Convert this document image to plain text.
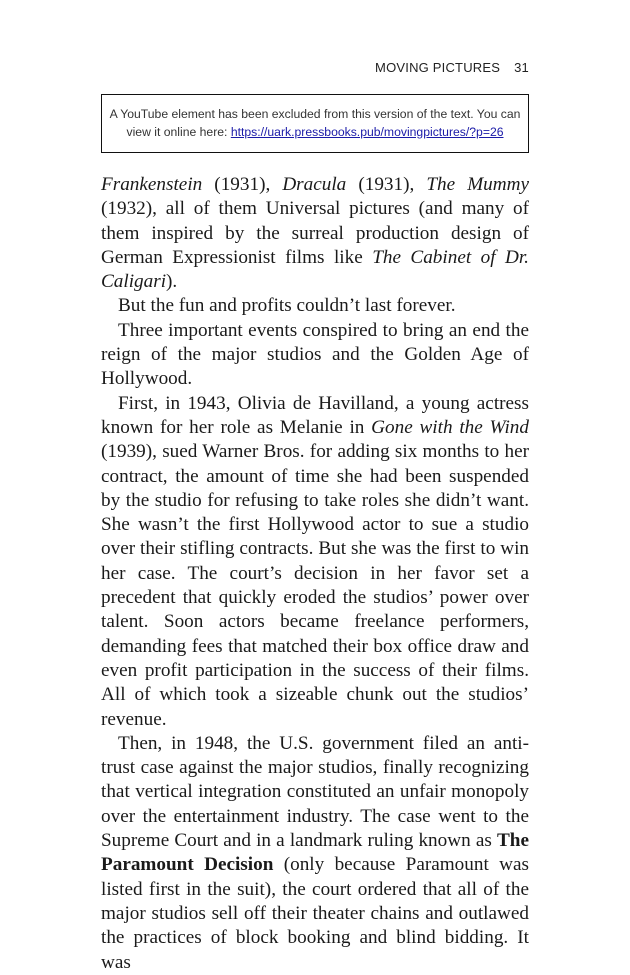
MOVING PICTURES 31
A YouTube element has been excluded from this version of the text. You can
view it online here: https://uark.pressbooks.pub/movingpictures/?p=26

Frankenstein (1931), Dracula (1931), The Mummy (1932), all of them Universal pictures (and many of them inspired by the surreal production design of German Expressionist films like The Cabinet of Dr. Caligari).

But the fun and profits couldn’t last forever.

Three important events conspired to bring an end the reign of the major studios and the Golden Age of Hollywood.

First, in 1943, Olivia de Havilland, a young actress known for her role as Melanie in Gone with the Wind (1939), sued Warner Bros. for adding six months to her contract, the amount of time she had been suspended by the studio for refusing to take roles she didn’t want. She wasn’t the first Hollywood actor to sue a studio over their stifling contracts. But she was the first to win her case. The court’s decision in her favor set a precedent that quickly eroded the studios’ power over talent. Soon actors became freelance performers, demanding fees that matched their box office draw and even profit participation in the success of their films. All of which took a sizeable chunk out the studios’ revenue.

Then, in 1948, the U.S. government filed an anti-trust case against the major studios, finally recognizing that vertical integration constituted an unfair monopoly over the entertainment industry. The case went to the Supreme Court and in a landmark ruling known as The Paramount Decision (only because Paramount was listed first in the suit), the court ordered that all of the major studios sell off their theater chains and outlawed the practices of block booking and blind bidding. It was
